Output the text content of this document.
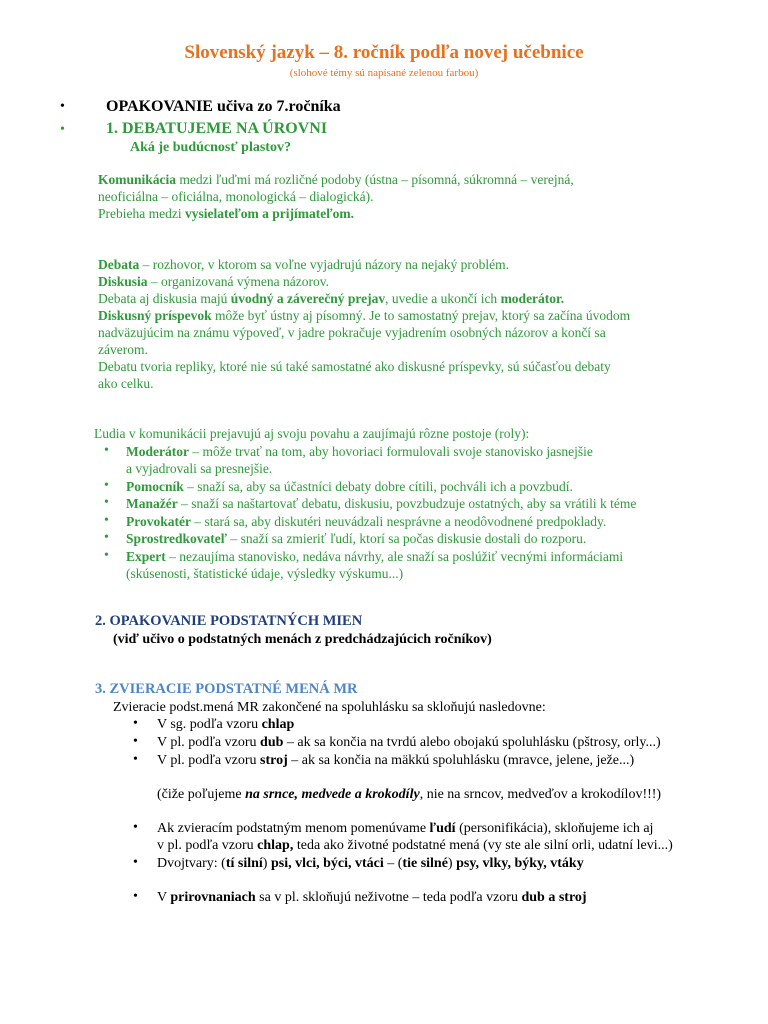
Slovenský jazyk – 8. ročník podľa novej učebnice
(slohové témy sú napísané zelenou farbou)
•	OPAKOVANIE učiva zo 7.ročníka
•	1. DEBATUJEME NA ÚROVNI
Aká je budúcnosť plastov?
Komunikácia medzi ľuďmi má rozličné podoby (ústna – písomná, súkromná – verejná,
neoficiálna – oficiálna, monologická – dialogická).
Prebieha medzi vysielateľom a prijímateľom.
Debata – rozhovor, v ktorom sa voľne vyjadrujú názory na nejaký problém.
Diskusia – organizovaná výmena názorov.
Debata aj diskusia majú úvodný a záverečný prejav, uvedie a ukončí ich moderátor.
Diskusný príspevok môže byť ústny aj písomný. Je to samostatný prejav, ktorý sa začína úvodom
nadväzujúcim na známu výpoveď, v jadre pokračuje vyjadrením osobných názorov a končí sa
záverom.
Debatu tvoria repliky, ktoré nie sú také samostatné ako diskusné príspevky, sú súčasťou debaty
ako celku.
Ľudia v komunikácii prejavujú aj svoju povahu a zaujímajú rôzne postoje (roly):
• Moderátor – môže trvať na tom, aby hovoriaci formulovali svoje stanovisko jasnejšie
a vyjadrovali sa presnejšie.
• Pomocník – snaží sa, aby sa účastníci debaty dobre cítili, pochváli ich a povzbudí.
• Manažér – snaží sa naštartovať debatu, diskusiu, povzbudzuje ostatných, aby sa vrátili k téme
• Provokatér – stará sa, aby diskutéri neuvádzali nesprávne a neodôvodnené predpoklady.
• Sprostredkovateľ – snaží sa zmieriť ľudí, ktorí sa počas diskusie dostali do rozporu.
• Expert – nezaujíma stanovisko, nedáva návrhy, ale snaží sa poslúžiť vecnými informáciami
(skúsenosti, štatistické údaje, výsledky výskumu...)
2. OPAKOVANIE PODSTATNÝCH MIEN
(viď učivo o podstatných menách z predchádzajúcich ročníkov)
3. ZVIERACIE PODSTATNÉ MENÁ MR
Zvieracie podst.mená MR zakončené na spoluhlásku sa skloňujú nasledovne:
• V sg. podľa vzoru chlap
• V pl. podľa vzoru dub – ak sa končia na tvrdú alebo obojakú spoluhlásku (pštrosy, orly...)
• V pl. podľa vzoru stroj – ak sa končia na mäkkú spoluhlásku (mravce, jelene, ježe...)
(čiže poľujeme na srnce, medvede a krokodíly, nie na srncov, medveďov a krokodílov!!!)
• Ak zvieracím podstatným menom pomenúvame ľudí (personifikácia), skloňujeme ich aj
v pl. podľa vzoru chlap, teda ako životné podstatné mená (vy ste ale silní orli, udatní levi...)
• Dvojtvary: (tí silní) psi, vlci, býci, vtáci – (tie silné) psy, vlky, býky, vtáky
• V prirovnaniach sa v pl. skloňujú neživotne – teda podľa vzoru dub a stroj
